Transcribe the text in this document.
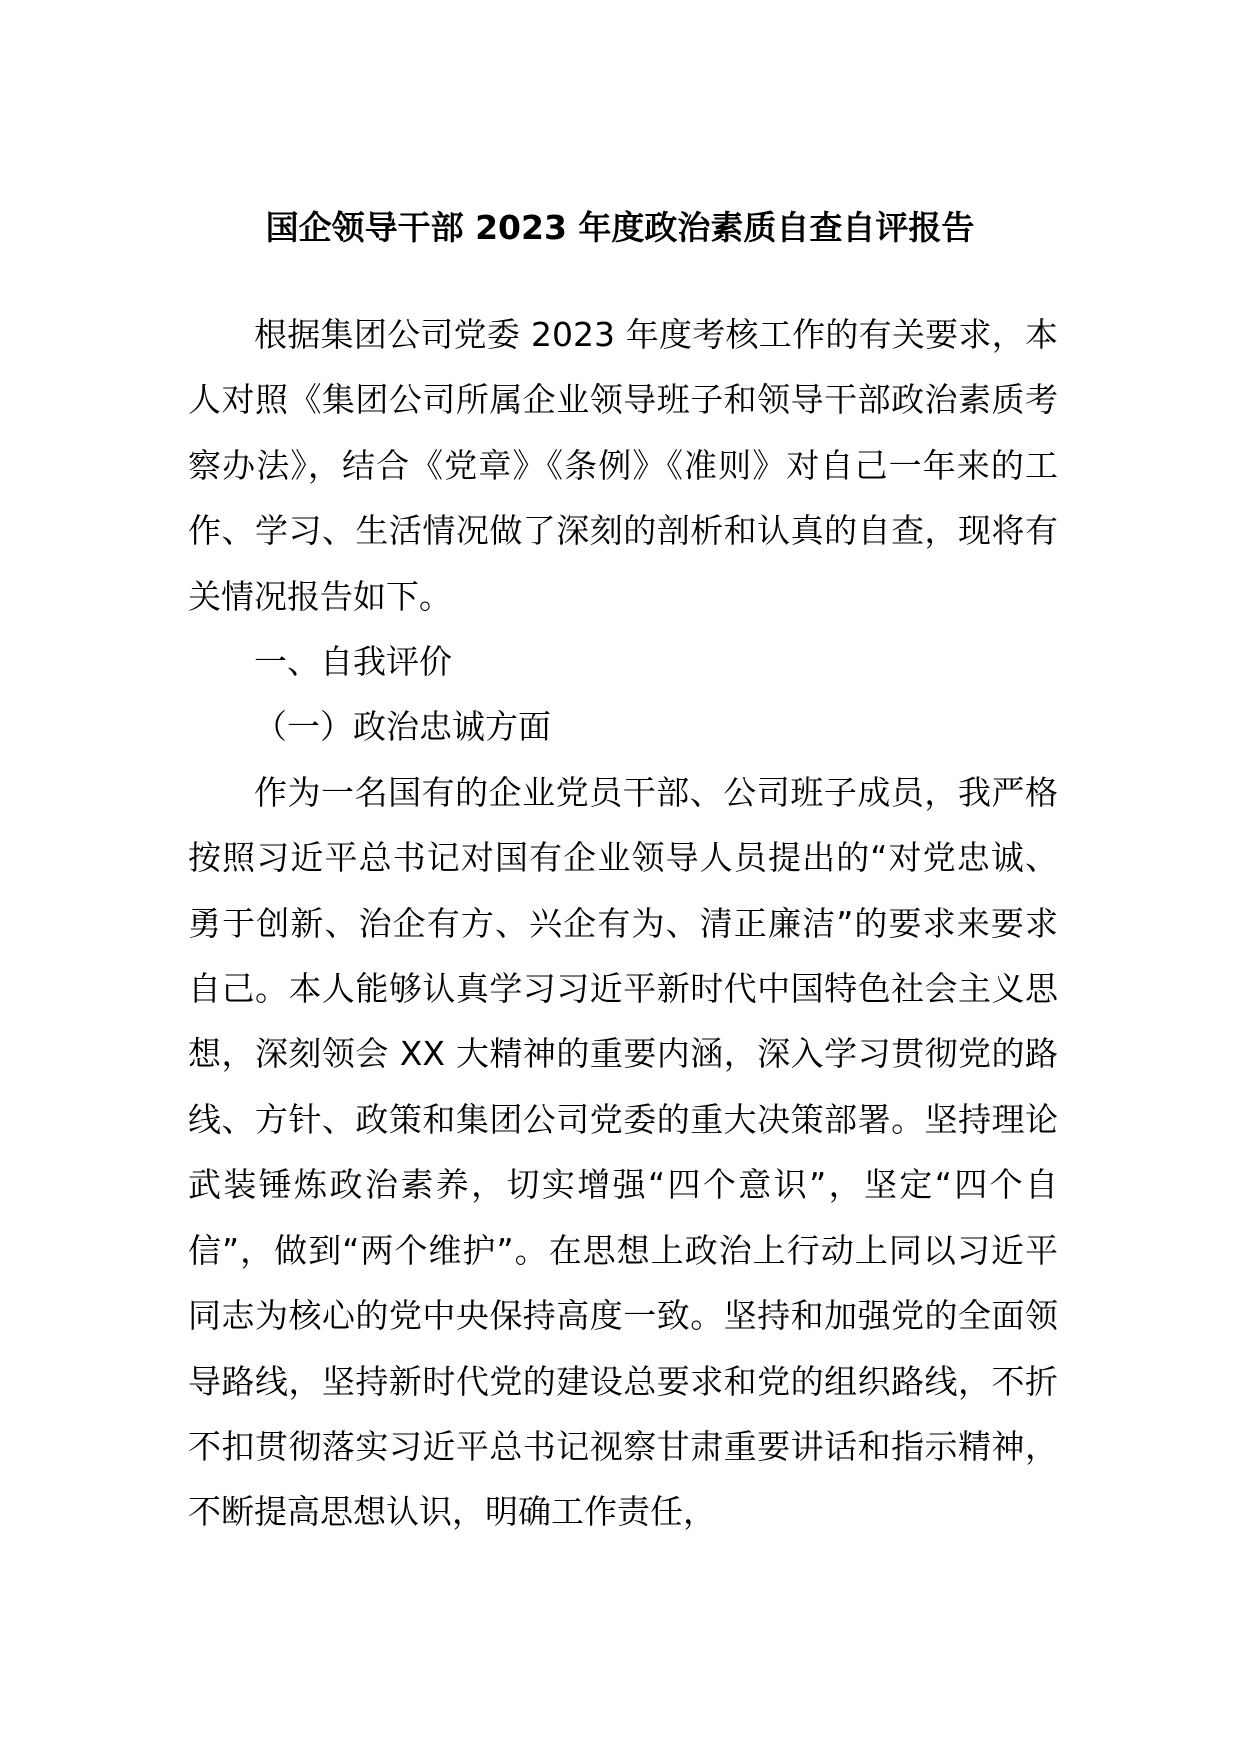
国企领导干部 2023 年度政治素质自查自评报告

根据集团公司党委 2023 年度考核工作的有关要求，本人对照《集团公司所属企业领导班子和领导干部政治素质考察办法》，结合《党章》《条例》《准则》对自己一年来的工作、学习、生活情况做了深刻的剖析和认真的自查，现将有关情况报告如下。

一、自我评价

（一）政治忠诚方面

作为一名国有的企业党员干部、公司班子成员，我严格按照习近平总书记对国有企业领导人员提出的“对党忠诚、勇于创新、治企有方、兴企有为、清正廉洁”的要求来要求自己。本人能够认真学习习近平新时代中国特色社会主义思想，深刻领会 XX 大精神的重要内涵，深入学习贯彻党的路线、方针、政策和集团公司党委的重大决策部署。坚持理论武装锤炼政治素养，切实增强“四个意识”，坚定“四个自信”，做到“两个维护”。在思想上政治上行动上同以习近平同志为核心的党中央保持高度一致。坚持和加强党的全面领导路线，坚持新时代党的建设总要求和党的组织路线，不折不扣贯彻落实习近平总书记视察甘肃重要讲话和指示精神，不断提高思想认识，明确工作责任，
